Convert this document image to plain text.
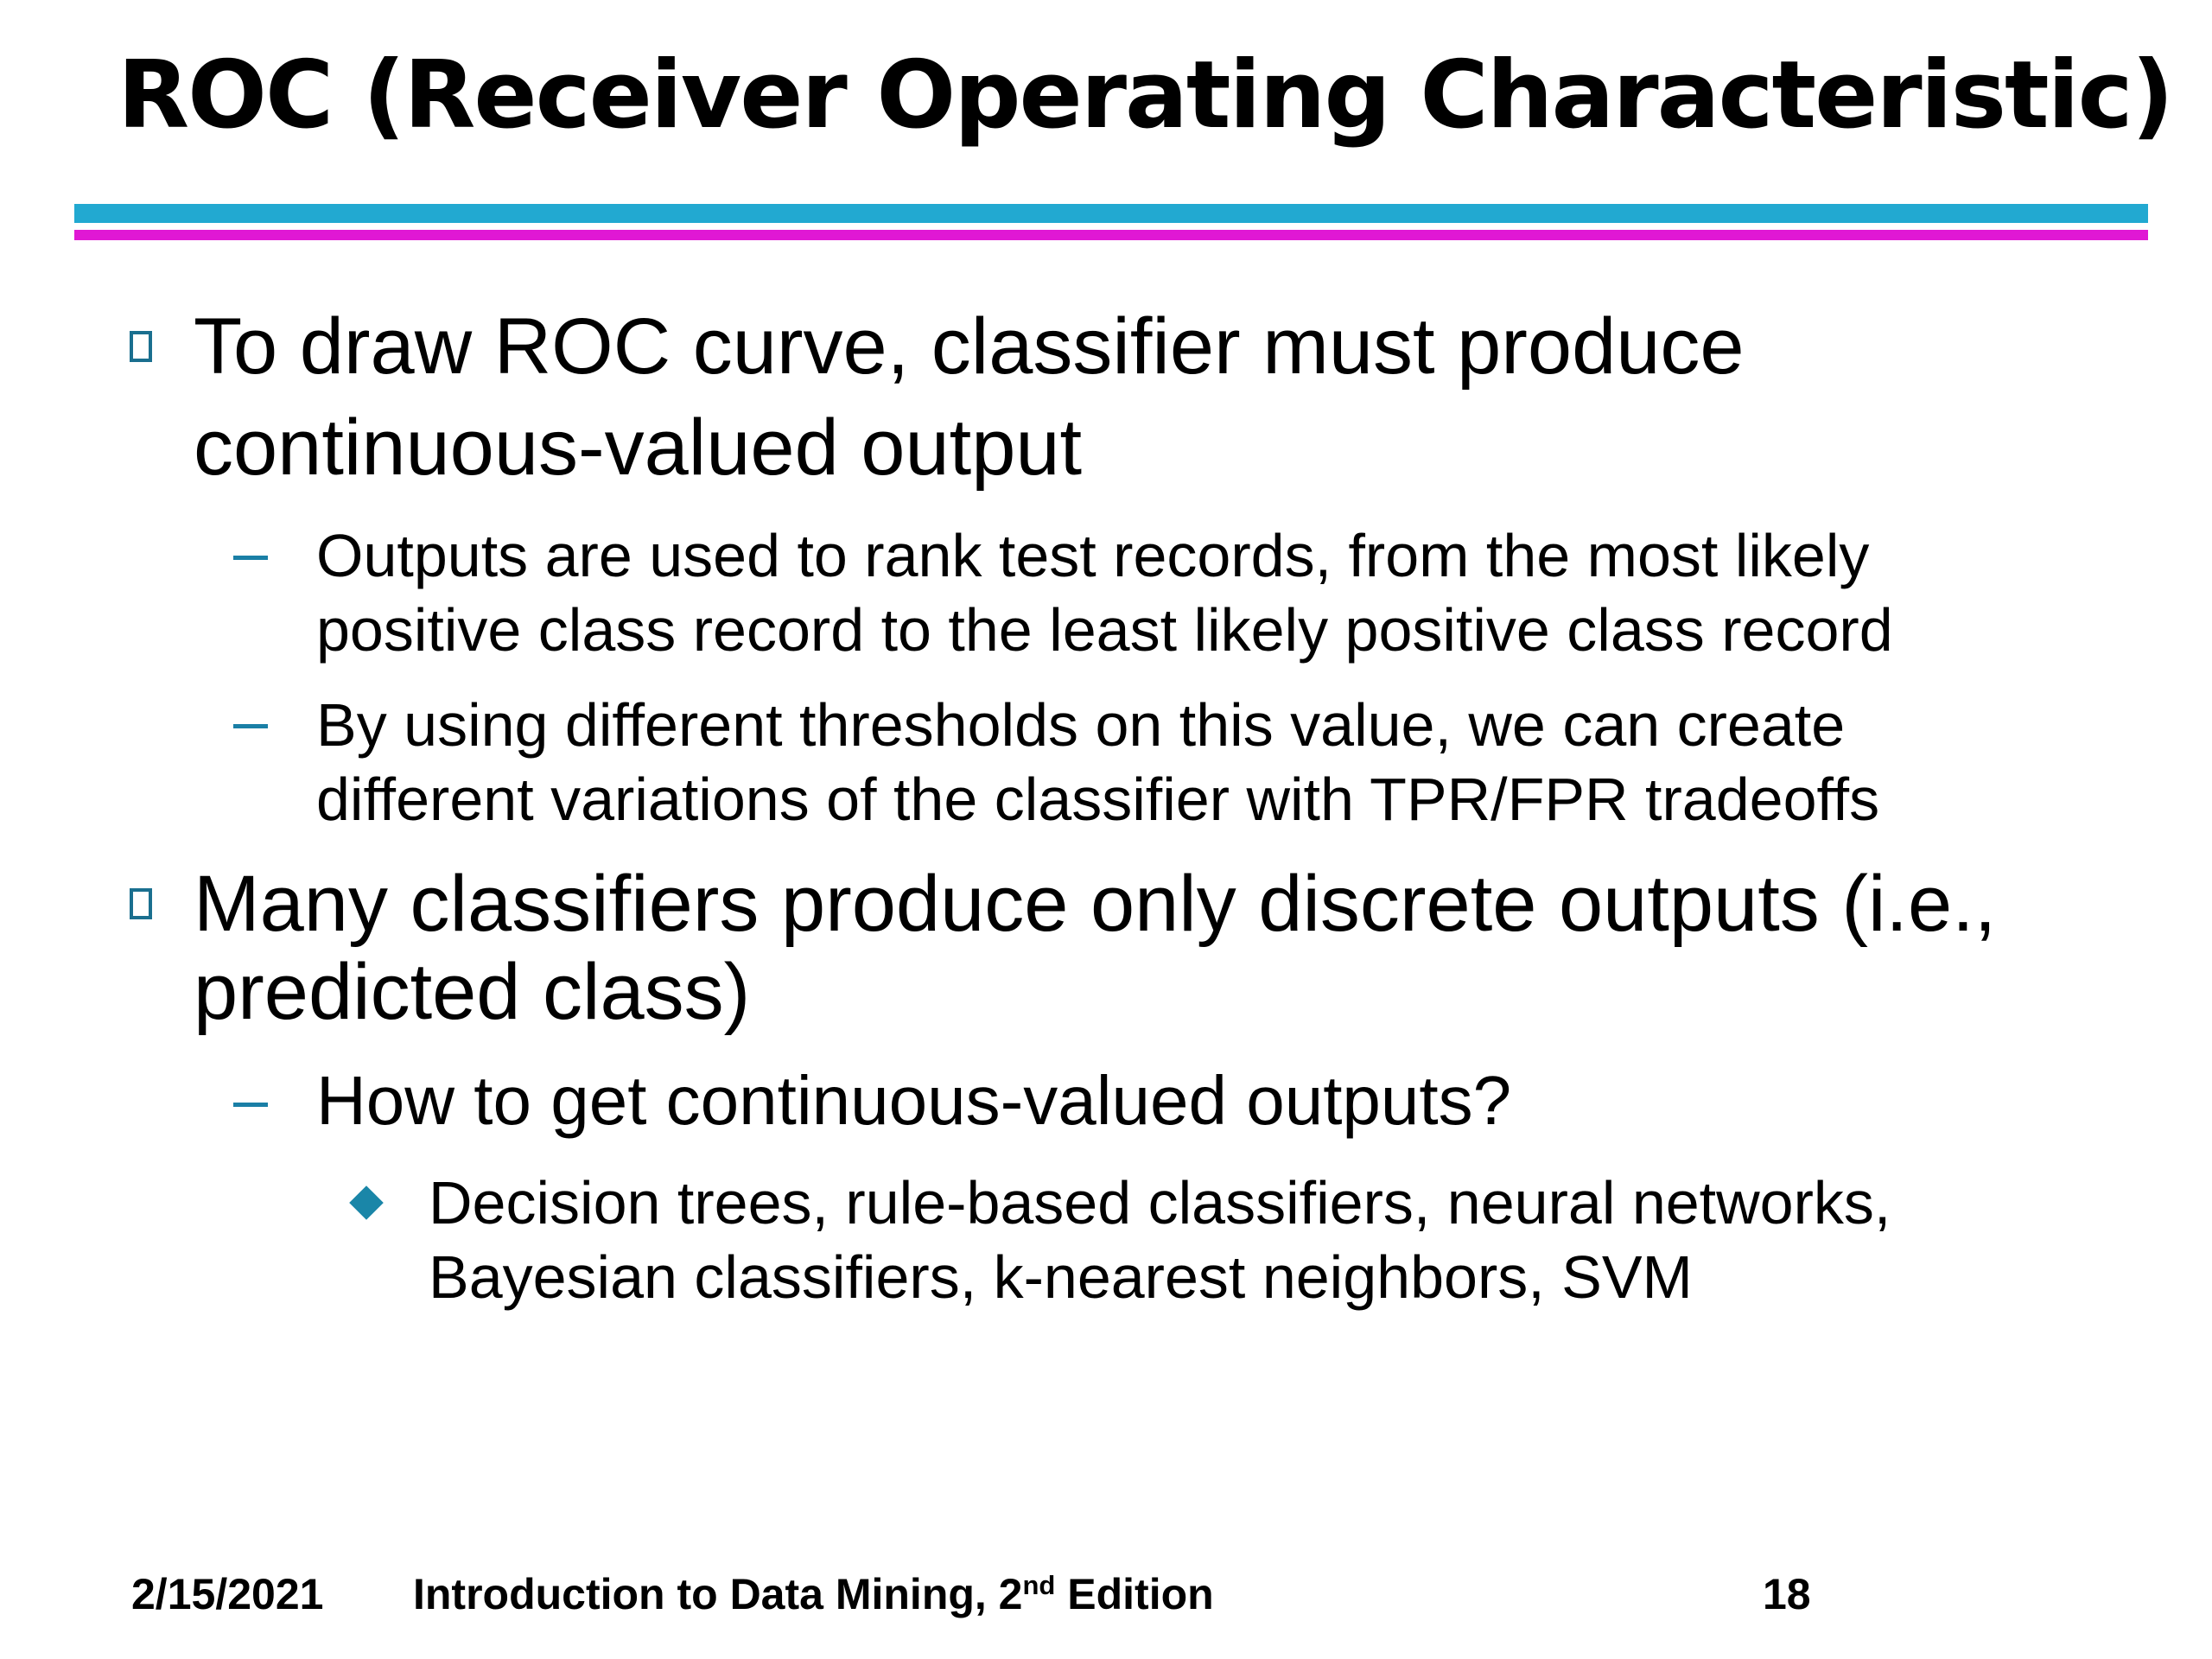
ROC (Receiver Operating Characteristic)
To draw ROC curve, classifier must produce
continuous-valued output
Outputs are used to rank test records, from the most likely
positive class record to the least likely positive class record
By using different thresholds on this value, we can create
different variations of the classifier with TPR/FPR tradeoffs
Many classifiers produce only discrete outputs (i.e.,
predicted class)
How to get continuous-valued outputs?
Decision trees, rule-based classifiers, neural networks,
Bayesian classifiers, k-nearest neighbors, SVM
2/15/2021 Introduction to Data Mining, 2nd Edition	18
